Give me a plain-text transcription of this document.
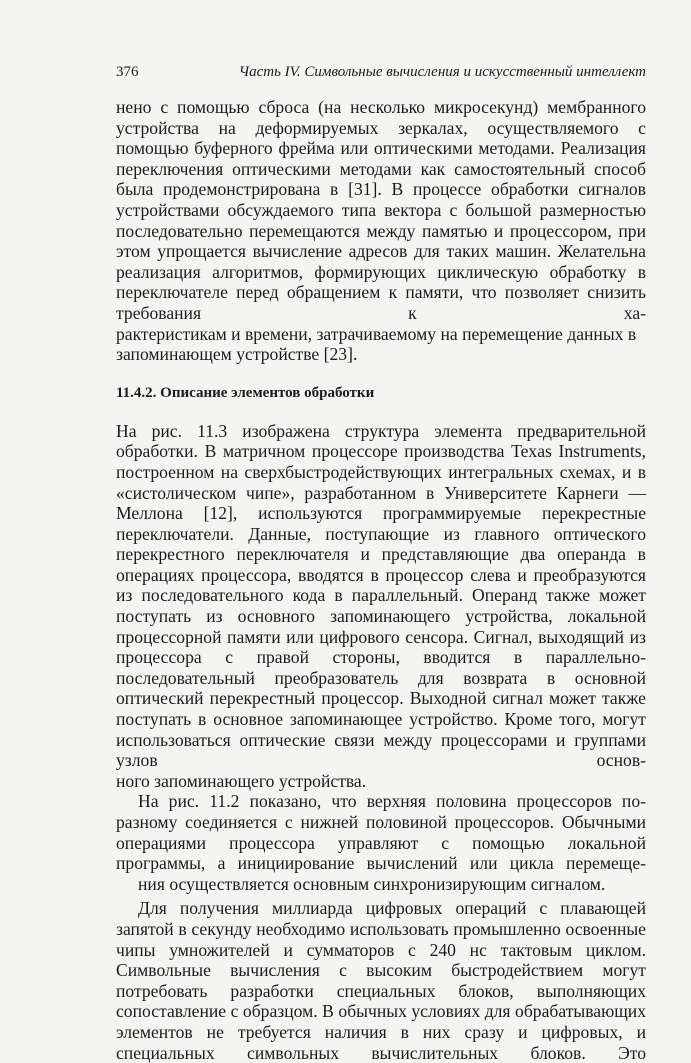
376	Часть IV. Символьные вычисления и искусственный интеллект

нено с помощью сброса (на несколько микросекунд) мембранного устройства на деформируемых зеркалах, осуществляемого с помощью буферного фрейма или оптическими методами. Реализация переключения оптическими методами как самостоятельный способ была продемонстрирована в [31]. В процессе обработки сигналов устройствами обсуждаемого типа вектора с большой размерностью последовательно перемещаются между памятью и процессором, при этом упрощается вычисление адресов для таких машин. Желательна реализация алгоритмов, формирующих циклическую обработку в переключателе перед обращением к памяти, что позволяет снизить требования к ха-
рактеристикам и времени, затрачиваемому на перемещение данных в запоминающем устройстве [23].

11.4.2. Описание элементов обработки

На рис. 11.3 изображена структура элемента предварительной обработки. В матричном процессоре производства Texas Instruments, построенном на сверхбыстродействующих интегральных схемах, и в «систолическом чипе», разработанном в Университете Карнеги — Меллона [12], используются программируемые перекрестные переключатели. Данные, поступающие из главного оптического перекрестного переключателя и представляющие два операнда в операциях процессора, вводятся в процессор слева и преобразуются из последовательного кода в параллельный. Операнд также может поступать из основного запоминающего устройства, локальной процессорной памяти или цифрового сенсора. Сигнал, выходящий из процессора с правой стороны, вводится в параллельно-последовательный преобразователь для возврата в основной оптический перекрестный процессор. Выходной сигнал может также поступать в основное запоминающее устройство. Кроме того, могут использоваться оптические связи между процессорами и группами узлов основ-
ного запоминающего устройства.

На рис. 11.2 показано, что верхняя половина процессоров по-разному соединяется с нижней половиной процессоров. Обычными операциями процессора управляют с помощью локальной программы, а инициирование вычислений или цикла перемеще-
ния осуществляется основным синхронизирующим сигналом.

Для получения миллиарда цифровых операций с плавающей запятой в секунду необходимо использовать промышленно освоенные чипы умножителей и сумматоров с 240 нс тактовым циклом. Символьные вычисления с высоким быстродействием могут потребовать разработки специальных блоков, выполняющих сопоставление с образцом. В обычных условиях для обрабатывающих элементов не требуется наличия в них сразу и цифровых, и специальных символьных вычислительных блоков. Это
